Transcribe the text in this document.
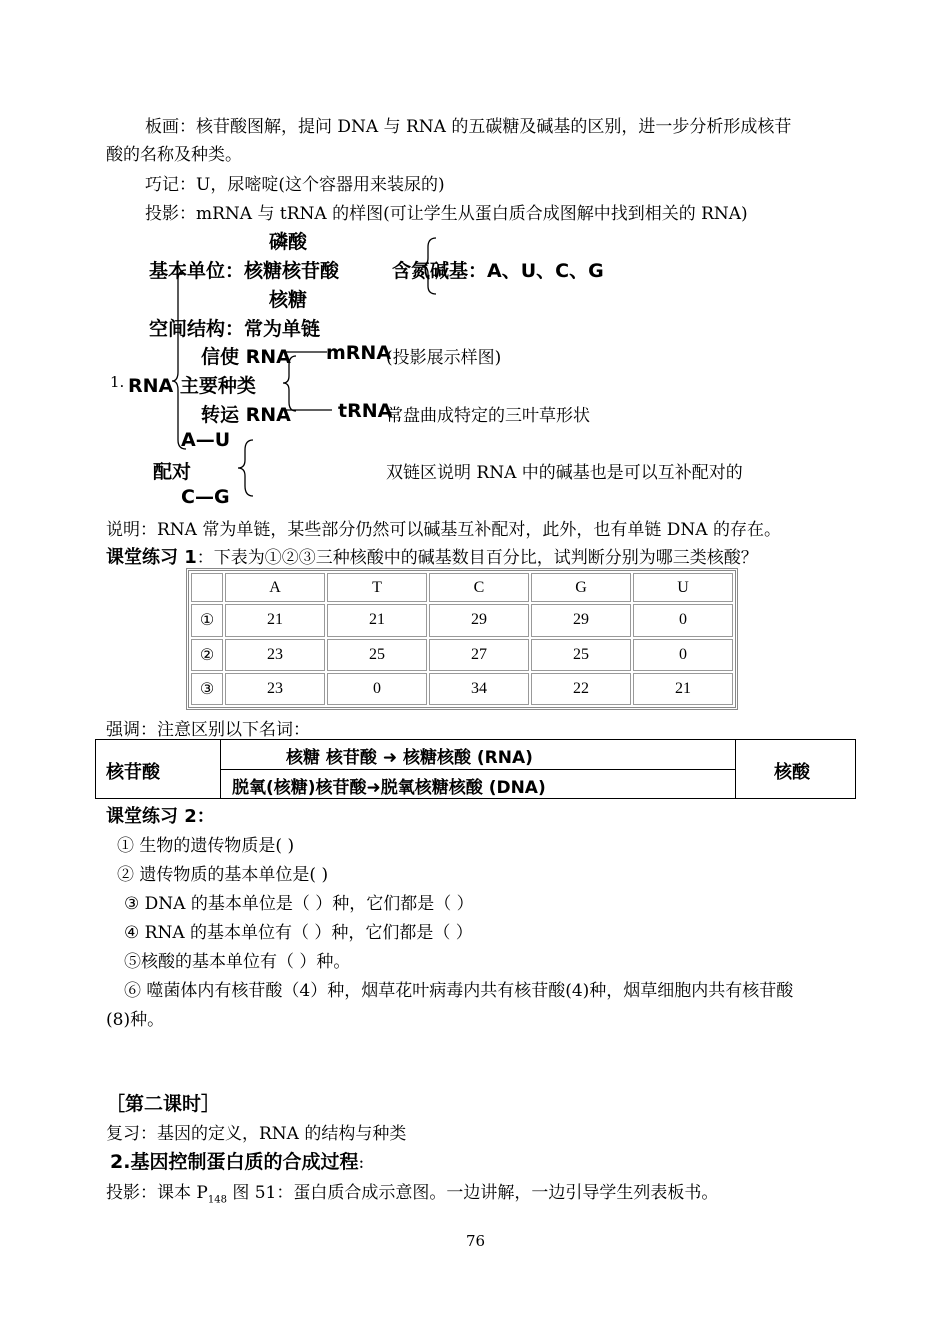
板画：核苷酸图解，提问 DNA 与 RNA 的五碳糖及碱基的区别，进一步分析形成核苷
酸的名称及种类。
巧记：U，尿嘧啶(这个容器用来装尿的)
投影：mRNA 与 tRNA 的样图(可让学生从蛋白质合成图解中找到相关的 RNA)
磷酸
基本单位：核糖核苷酸	含氮碱基：A、U、C、G
核糖
空间结构：常为单链
信使 RNA mRNA
(投影展示样图)
1. RNA 主要种类
转运 RNA tRNA
常盘曲成特定的三叶草形状
A—U
配对	双链区说明 RNA 中的碱基也是可以互补配对的
C—G
说明：RNA 常为单链，某些部分仍然可以碱基互补配对，此外，也有单链 DNA 的存在。
课堂练习 1：下表为①②③三种核酸中的碱基数目百分比，试判断分别为哪三类核酸？
	A	T	C	G	U
①	21	21	29	29	0
②	23	25	27	25	0
③	23	0	34	22	21
强调：注意区别以下名词：
核苷酸
核糖 核苷酸 ➜ 核糖核酸 (RNA)
脱氧(核糖)核苷酸➜脱氧核糖核酸 (DNA)
核酸
课堂练习 2：
① 生物的遗传物质是( )
② 遗传物质的基本单位是( )
③ DNA 的基本单位是（ ）种，它们都是（ ）
④ RNA 的基本单位有（ ）种，它们都是（ ）
⑤核酸的基本单位有（ ）种。
⑥ 噬菌体内有核苷酸（4）种，烟草花叶病毒内共有核苷酸(4)种，烟草细胞内共有核苷酸
(8)种。
［第二课时］
复习：基因的定义，RNA 的结构与种类
2.基因控制蛋白质的合成过程:
投影：课本 $P_{148}$ 图 51：蛋白质合成示意图。一边讲解，一边引导学生列表板书。
76
